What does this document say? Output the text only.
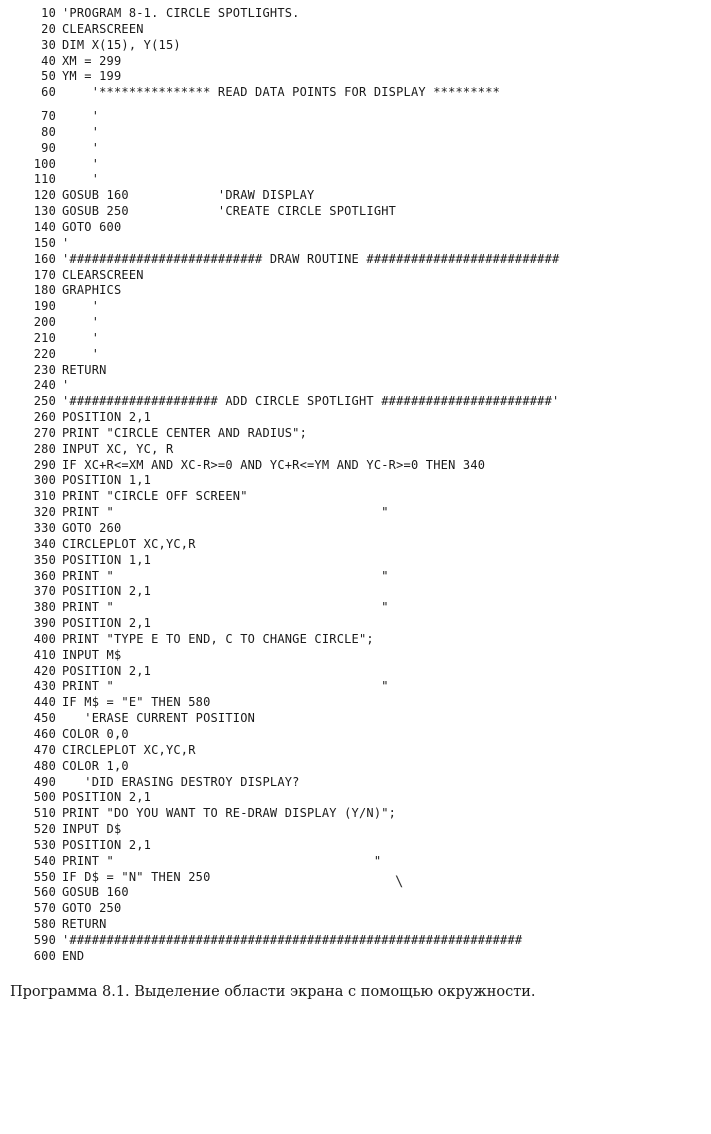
10 'PROGRAM 8-1. CIRCLE SPOTLIGHTS.
20 CLEARSCREEN
30 DIM X(15), Y(15)
40 XM = 299
50 YM = 199
60    '*************** READ DATA POINTS FOR DISPLAY *********
70    '
80    '
90    '
100    '
110    '
120 GOSUB 160            'DRAW DISPLAY
130 GOSUB 250            'CREATE CIRCLE SPOTLIGHT
140 GOTO 600
150 '
160 '########################## DRAW ROUTINE ##########################
170 CLEARSCREEN
180 GRAPHICS
190    '
200    '
210    '
220    '
230 RETURN
240 '
250 '#################### ADD CIRCLE SPOTLIGHT #######################'
260 POSITION 2,1
270 PRINT "CIRCLE CENTER AND RADIUS";
280 INPUT XC, YC, R
290 IF XC+R<=XM AND XC-R>=0 AND YC+R<=YM AND YC-R>=0 THEN 340
300 POSITION 1,1
310 PRINT "CIRCLE OFF SCREEN"
320 PRINT "                                    "
330 GOTO 260
340 CIRCLEPLOT XC,YC,R
350 POSITION 1,1
360 PRINT "                                    "
370 POSITION 2,1
380 PRINT "                                    "
390 POSITION 2,1
400 PRINT "TYPE E TO END, C TO CHANGE CIRCLE";
410 INPUT M$
420 POSITION 2,1
430 PRINT "                                    "
440 IF M$ = "E" THEN 580
450   'ERASE CURRENT POSITION
460 COLOR 0,0
470 CIRCLEPLOT XC,YC,R
480 COLOR 1,0
490   'DID ERASING DESTROY DISPLAY?
500 POSITION 2,1
510 PRINT "DO YOU WANT TO RE-DRAW DISPLAY (Y/N)";
520 INPUT D$
530 POSITION 2,1
540 PRINT "                                   "
550 IF D$ = "N" THEN 250
560 GOSUB 160
570 GOTO 250
580 RETURN
590 '#############################################################
600 END
\
Программа 8.1. Выделение области экрана с помощью окружности.
